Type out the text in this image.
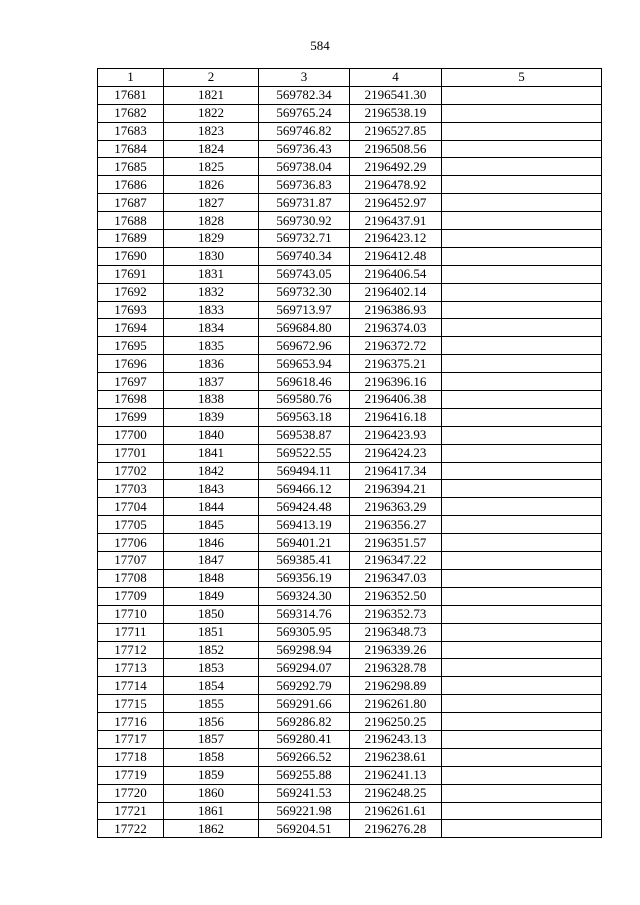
584
1	2	3	4	5
17681	1821	569782.34	2196541.30	
17682	1822	569765.24	2196538.19	
17683	1823	569746.82	2196527.85	
17684	1824	569736.43	2196508.56	
17685	1825	569738.04	2196492.29	
17686	1826	569736.83	2196478.92	
17687	1827	569731.87	2196452.97	
17688	1828	569730.92	2196437.91	
17689	1829	569732.71	2196423.12	
17690	1830	569740.34	2196412.48	
17691	1831	569743.05	2196406.54	
17692	1832	569732.30	2196402.14	
17693	1833	569713.97	2196386.93	
17694	1834	569684.80	2196374.03	
17695	1835	569672.96	2196372.72	
17696	1836	569653.94	2196375.21	
17697	1837	569618.46	2196396.16	
17698	1838	569580.76	2196406.38	
17699	1839	569563.18	2196416.18	
17700	1840	569538.87	2196423.93	
17701	1841	569522.55	2196424.23	
17702	1842	569494.11	2196417.34	
17703	1843	569466.12	2196394.21	
17704	1844	569424.48	2196363.29	
17705	1845	569413.19	2196356.27	
17706	1846	569401.21	2196351.57	
17707	1847	569385.41	2196347.22	
17708	1848	569356.19	2196347.03	
17709	1849	569324.30	2196352.50	
17710	1850	569314.76	2196352.73	
17711	1851	569305.95	2196348.73	
17712	1852	569298.94	2196339.26	
17713	1853	569294.07	2196328.78	
17714	1854	569292.79	2196298.89	
17715	1855	569291.66	2196261.80	
17716	1856	569286.82	2196250.25	
17717	1857	569280.41	2196243.13	
17718	1858	569266.52	2196238.61	
17719	1859	569255.88	2196241.13	
17720	1860	569241.53	2196248.25	
17721	1861	569221.98	2196261.61	
17722	1862	569204.51	2196276.28	
